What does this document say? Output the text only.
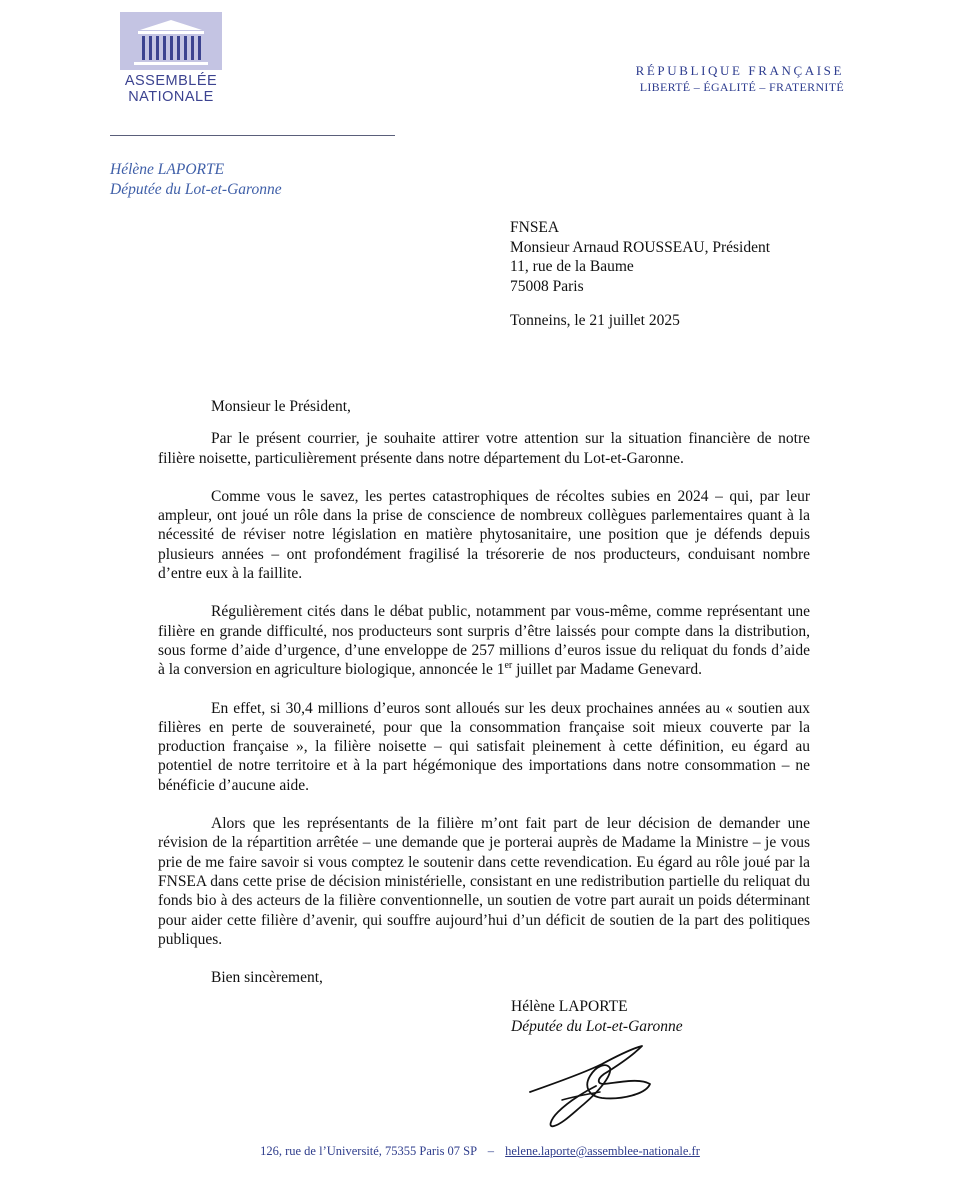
ASSEMBLÉE
NATIONALE
RÉPUBLIQUE FRANÇAISE
LIBERTÉ – ÉGALITÉ – FRATERNITÉ
Hélène LAPORTE
Députée du Lot-et-Garonne
FNSEA
Monsieur Arnaud ROUSSEAU, Président
11, rue de la Baume
75008 Paris
Tonneins, le 21 juillet 2025

Monsieur le Président,

Par le présent courrier, je souhaite attirer votre attention sur la situation financière de notre filière noisette, particulièrement présente dans notre département du Lot-et-Garonne.

Comme vous le savez, les pertes catastrophiques de récoltes subies en 2024 – qui, par leur ampleur, ont joué un rôle dans la prise de conscience de nombreux collègues parlementaires quant à la nécessité de réviser notre législation en matière phytosanitaire, une position que je défends depuis plusieurs années – ont profondément fragilisé la trésorerie de nos producteurs, conduisant nombre d’entre eux à la faillite.

Régulièrement cités dans le débat public, notamment par vous-même, comme représentant une filière en grande difficulté, nos producteurs sont surpris d’être laissés pour compte dans la distribution, sous forme d’aide d’urgence, d’une enveloppe de 257 millions d’euros issue du reliquat du fonds d’aide à la conversion en agriculture biologique, annoncée le 1er juillet par Madame Genevard.

En effet, si 30,4 millions d’euros sont alloués sur les deux prochaines années au « soutien aux filières en perte de souveraineté, pour que la consommation française soit mieux couverte par la production française », la filière noisette – qui satisfait pleinement à cette définition, eu égard au potentiel de notre territoire et à la part hégémonique des importations dans notre consommation – ne bénéficie d’aucune aide.

Alors que les représentants de la filière m’ont fait part de leur décision de demander une révision de la répartition arrêtée – une demande que je porterai auprès de Madame la Ministre – je vous prie de me faire savoir si vous comptez le soutenir dans cette revendication. Eu égard au rôle joué par la FNSEA dans cette prise de décision ministérielle, consistant en une redistribution partielle du reliquat du fonds bio à des acteurs de la filière conventionnelle, un soutien de votre part aurait un poids déterminant pour aider cette filière d’avenir, qui souffre aujourd’hui d’un déficit de soutien de la part des politiques publiques.

Bien sincèrement,

Hélène LAPORTE
Députée du Lot-et-Garonne
126, rue de l’Université, 75355 Paris 07 SP – helene.laporte@assemblee-nationale.fr
